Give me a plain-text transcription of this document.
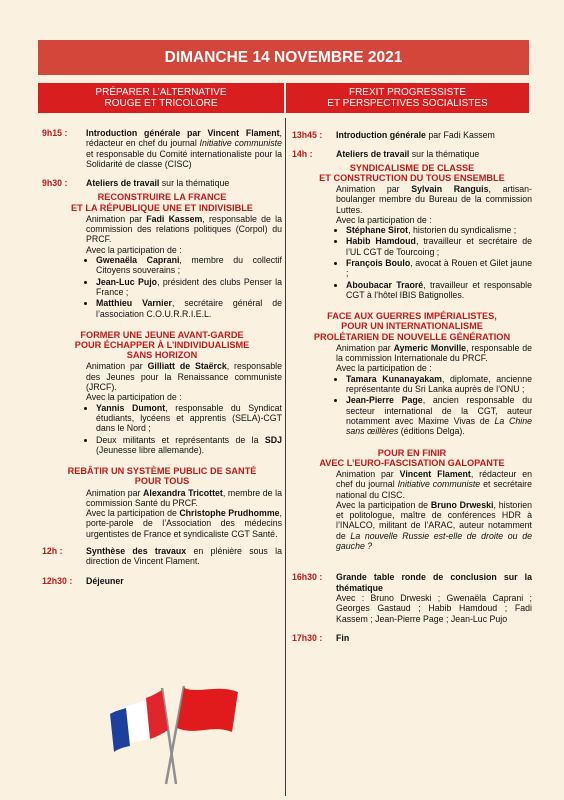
DIMANCHE 14 NOVEMBRE 2021
PRÉPARER L’ALTERNATIVE
ROUGE ET TRICOLORE
FREXIT PROGRESSISTE
ET PERSPECTIVES SOCIALISTES
9h15 :	Introduction générale par Vincent Flament, rédacteur en chef du journal Initiative communiste et responsable du Comité internationaliste pour la Solidarité de classe (CISC)
9h30 :	Ateliers de travail sur la thématique
RECONSTRUIRE LA FRANCE
ET LA RÉPUBLIQUE UNE ET INDIVISIBLE
Animation par Fadi Kassem, responsable de la commission des relations politiques (Corpol) du PRCF.
Avec la participation de :
• Gwenaëla Caprani, membre du collectif Citoyens souverains ;
• Jean-Luc Pujo, président des clubs Penser la France ;
• Matthieu Varnier, secrétaire général de l’association C.O.U.R.R.I.E.L.
FORMER UNE JEUNE AVANT-GARDE
POUR ÉCHAPPER À L’INDIVIDUALISME
SANS HORIZON
Animation par Gilliatt de Staërck, responsable des Jeunes pour la Renaissance communiste (JRCF).
Avec la participation de :
• Yannis Dumont, responsable du Syndicat étudiants, lycéens et apprentis (SELA)-CGT dans le Nord ;
• Deux militants et représentants de la SDJ (Jeunesse libre allemande).
REBÂTIR UN SYSTÈME PUBLIC DE SANTÉ
POUR TOUS
Animation par Alexandra Tricottet, membre de la commission Santé du PRCF.
Avec la participation de Christophe Prudhomme, porte-parole de l’Association des médecins urgentistes de France et syndicaliste CGT Santé.
12h :	Synthèse des travaux en plénière sous la direction de Vincent Flament.
12h30 :	Déjeuner
13h45 :	Introduction générale par Fadi Kassem
14h :	Ateliers de travail sur la thématique
SYNDICALISME DE CLASSE
ET CONSTRUCTION DU TOUS ENSEMBLE
Animation par Sylvain Ranguis, artisan-boulanger membre du Bureau de la commission Luttes.
Avec la participation de :
• Stéphane Sirot, historien du syndicalisme ;
• Habib Hamdoud, travailleur et secrétaire de l’UL CGT de Tourcoing ;
• François Boulo, avocat à Rouen et Gilet jaune ;
• Aboubacar Traoré, travailleur et responsable CGT à l’hôtel IBIS Batignolles.
FACE AUX GUERRES IMPÉRIALISTES,
POUR UN INTERNATIONALISME
PROLÉTARIEN DE NOUVELLE GÉNÉRATION
Animation par Aymeric Monville, responsable de la commission Internationale du PRCF.
Avec la participation de :
• Tamara Kunanayakam, diplomate, ancienne représentante du Sri Lanka auprès de l’ONU ;
• Jean-Pierre Page, ancien responsable du secteur international de la CGT, auteur notamment avec Maxime Vivas de La Chine sans œillères (éditions Delga).
POUR EN FINIR
AVEC L’EURO-FASCISATION GALOPANTE
Animation par Vincent Flament, rédacteur en chef du journal Initiative communiste et secrétaire national du CISC.
Avec la participation de Bruno Drweski, historien et politologue, maître de conférences HDR à l’INALCO, militant de l’ARAC, auteur notamment de La nouvelle Russie est-elle de droite ou de gauche ?
16h30 :	Grande table ronde de conclusion sur la thématique
Avec : Bruno Drweski ; Gwenaëla Caprani ; Georges Gastaud ; Habib Hamdoud ; Fadi Kassem ; Jean-Pierre Page ; Jean-Luc Pujo
17h30 :	Fin
